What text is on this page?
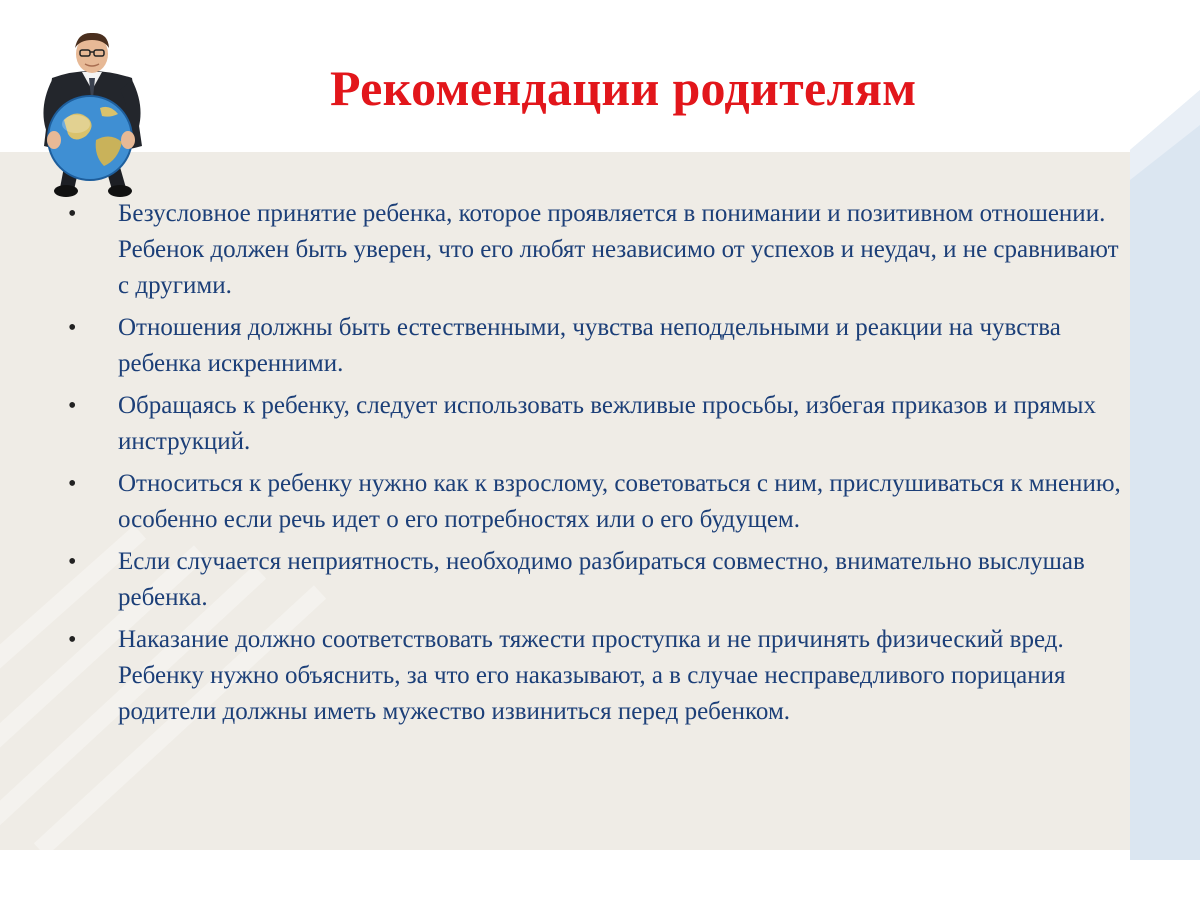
Рекомендации родителям
•	Безусловное принятие ребенка, которое проявляется в понимании и позитивном отношении. Ребенок должен быть уверен, что его любят независимо от успехов и неудач, и не сравнивают с другими.
•	Отношения должны быть естественными, чувства неподдельными и реакции на чувства ребенка искренними.
•	Обращаясь к ребенку, следует использовать вежливые просьбы, избегая приказов и прямых инструкций.
•	Относиться к ребенку нужно как к взрослому, советоваться с ним, прислушиваться к мнению, особенно если речь идет о его потребностях или о его будущем.
•	Если случается неприятность, необходимо разбираться совместно, внимательно выслушав ребенка.
•	Наказание должно соответствовать тяжести проступка и не причинять физический вред. Ребенку нужно объяснить, за что его наказывают, а в случае несправедливого порицания родители должны иметь мужество извиниться перед ребенком.
